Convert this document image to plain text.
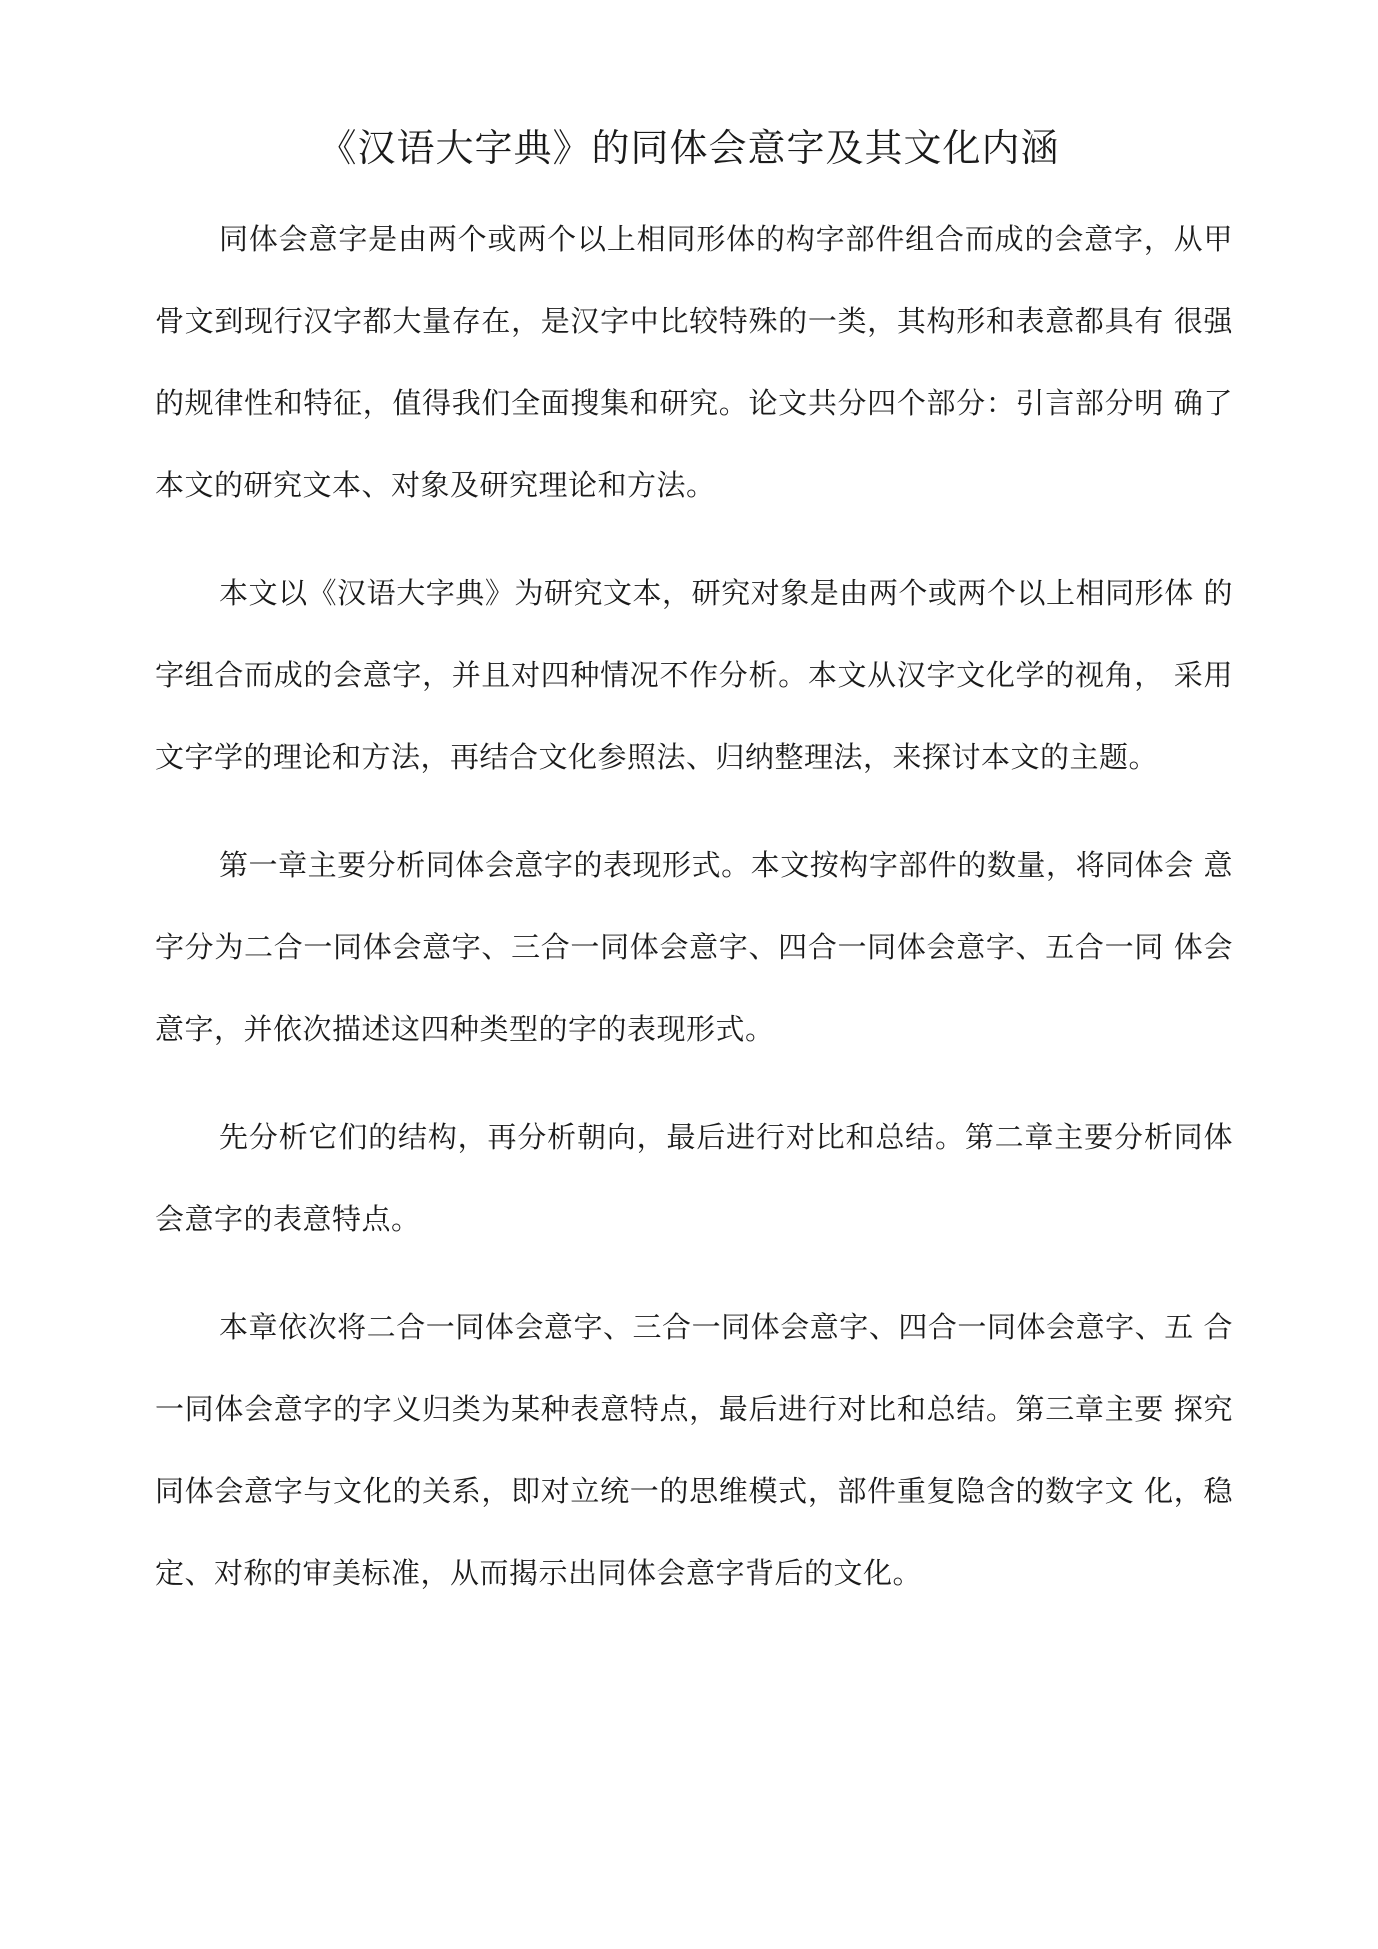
《汉语大字典》的同体会意字及其文化内涵

同体会意字是由两个或两个以上相同形体的构字部件组合而成的会意字，从甲骨文到现行汉字都大量存在，是汉字中比较特殊的一类，其构形和表意都具有 很强的规律性和特征，值得我们全面搜集和研究。论文共分四个部分：引言部分明 确了本文的研究文本、对象及研究理论和方法。

本文以《汉语大字典》为研究文本，研究对象是由两个或两个以上相同形体 的字组合而成的会意字，并且对四种情况不作分析。本文从汉字文化学的视角， 采用文字学的理论和方法，再结合文化参照法、归纳整理法，来探讨本文的主题。

第一章主要分析同体会意字的表现形式。本文按构字部件的数量，将同体会 意字分为二合一同体会意字、三合一同体会意字、四合一同体会意字、五合一同 体会意字，并依次描述这四种类型的字的表现形式。

先分析它们的结构，再分析朝向，最后进行对比和总结。第二章主要分析同体会意字的表意特点。

本章依次将二合一同体会意字、三合一同体会意字、四合一同体会意字、五 合一同体会意字的字义归类为某种表意特点，最后进行对比和总结。第三章主要 探究同体会意字与文化的关系，即对立统一的思维模式，部件重复隐含的数字文 化，稳定、对称的审美标准，从而揭示出同体会意字背后的文化。
